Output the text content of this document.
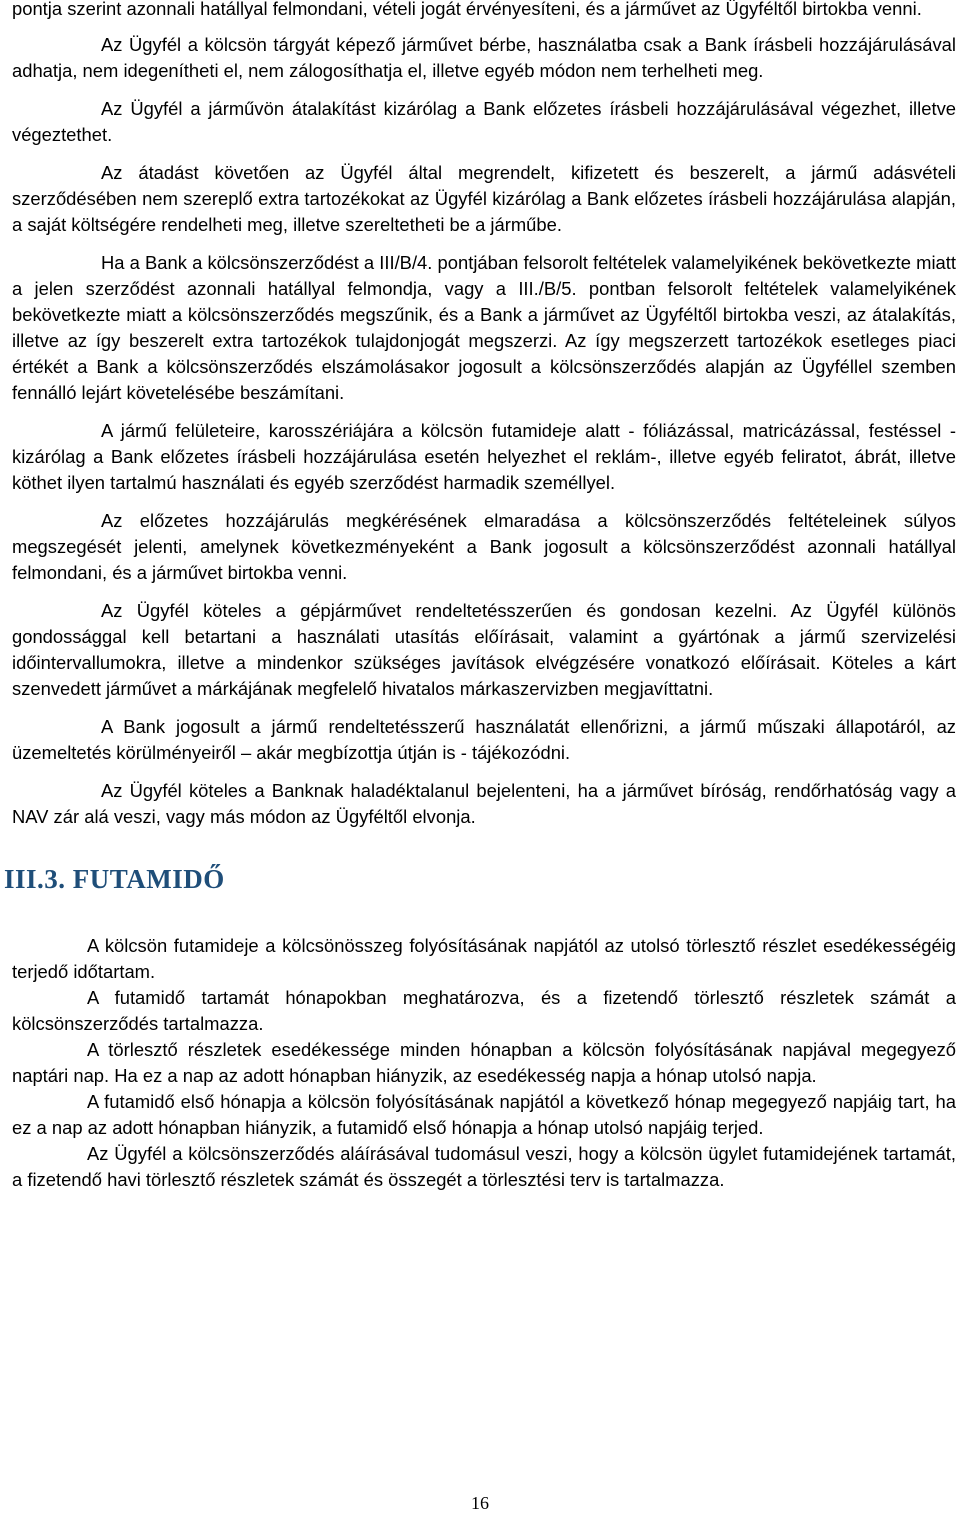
pontja szerint azonnali hatállyal felmondani, vételi jogát érvényesíteni, és a járművet az Ügyféltől birtokba venni.

Az Ügyfél a kölcsön tárgyát képező járművet bérbe, használatba csak a Bank írásbeli hozzájárulásával adhatja, nem idegenítheti el, nem zálogosíthatja el, illetve egyéb módon nem terhelheti meg.

Az Ügyfél a járművön átalakítást kizárólag a Bank előzetes írásbeli hozzájárulásával végezhet, illetve végeztethet.

Az átadást követően az Ügyfél által megrendelt, kifizetett és beszerelt, a jármű adásvételi szerződésében nem szereplő extra tartozékokat az Ügyfél kizárólag a Bank előzetes írásbeli hozzájárulása alapján, a saját költségére rendelheti meg, illetve szereltetheti be a járműbe.

Ha a Bank a kölcsönszerződést a III/B/4. pontjában felsorolt feltételek valamelyikének bekövetkezte miatt a jelen szerződést azonnali hatállyal felmondja, vagy a III./B/5. pontban felsorolt feltételek valamelyikének bekövetkezte miatt a kölcsönszerződés megszűnik, és a Bank a járművet az Ügyféltől birtokba veszi, az átalakítás, illetve az így beszerelt extra tartozékok tulajdonjogát megszerzi. Az így megszerzett tartozékok esetleges piaci értékét a Bank a kölcsönszerződés elszámolásakor jogosult a kölcsönszerződés alapján az Ügyféllel szemben fennálló lejárt követelésébe beszámítani.

A jármű felületeire, karosszériájára a kölcsön futamideje alatt - fóliázással, matricázással, festéssel - kizárólag a Bank előzetes írásbeli hozzájárulása esetén helyezhet el reklám-, illetve egyéb feliratot, ábrát, illetve köthet ilyen tartalmú használati és egyéb szerződést harmadik személlyel.

Az előzetes hozzájárulás megkérésének elmaradása a kölcsönszerződés feltételeinek súlyos megszegését jelenti, amelynek következményeként a Bank jogosult a kölcsönszerződést azonnali hatállyal felmondani, és a járművet birtokba venni.

Az Ügyfél köteles a gépjárművet rendeltetésszerűen és gondosan kezelni. Az Ügyfél különös gondossággal kell betartani a használati utasítás előírásait, valamint a gyártónak a jármű szervizelési időintervallumokra, illetve a mindenkor szükséges javítások elvégzésére vonatkozó előírásait. Köteles a kárt szenvedett járművet a márkájának megfelelő hivatalos márkaszervizben megjavíttatni.

A Bank jogosult a jármű rendeltetésszerű használatát ellenőrizni, a jármű műszaki állapotáról, az üzemeltetés körülményeiről – akár megbízottja útján is - tájékozódni.

Az Ügyfél köteles a Banknak haladéktalanul bejelenteni, ha a járművet bíróság, rendőrhatóság vagy a NAV zár alá veszi, vagy más módon az Ügyféltől elvonja.

III.3. FUTAMIDŐ

A kölcsön futamideje a kölcsönösszeg folyósításának napjától az utolsó törlesztő részlet esedékességéig terjedő időtartam.

A futamidő tartamát hónapokban meghatározva, és a fizetendő törlesztő részletek számát a kölcsönszerződés tartalmazza.

A törlesztő részletek esedékessége minden hónapban a kölcsön folyósításának napjával megegyező naptári nap. Ha ez a nap az adott hónapban hiányzik, az esedékesség napja a hónap utolsó napja.

A futamidő első hónapja a kölcsön folyósításának napjától a következő hónap megegyező napjáig tart, ha ez a nap az adott hónapban hiányzik, a futamidő első hónapja a hónap utolsó napjáig terjed.

Az Ügyfél a kölcsönszerződés aláírásával tudomásul veszi, hogy a kölcsön ügylet futamidejének tartamát, a fizetendő havi törlesztő részletek számát és összegét a törlesztési terv is tartalmazza.

16
